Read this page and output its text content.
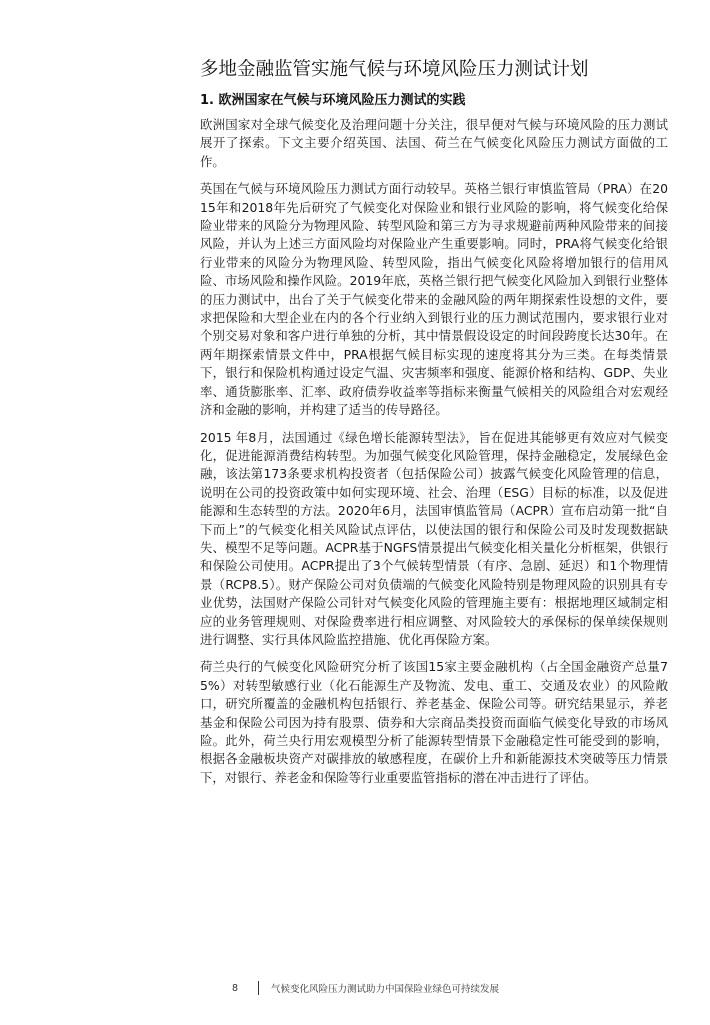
多地金融监管实施气候与环境风险压力测试计划
1. 欧洲国家在气候与环境风险压力测试的实践

欧洲国家对全球气候变化及治理问题十分关注，很早便对气候与环境风险的压力测试展开了探索。下文主要介绍英国、法国、荷兰在气候变化风险压力测试方面做的工作。

英国在气候与环境风险压力测试方面行动较早。英格兰银行审慎监管局（PRA）在2015年和2018年先后研究了气候变化对保险业和银行业风险的影响，将气候变化给保险业带来的风险分为物理风险、转型风险和第三方为寻求规避前两种风险带来的间接风险，并认为上述三方面风险均对保险业产生重要影响。同时，PRA将气候变化给银行业带来的风险分为物理风险、转型风险，指出气候变化风险将增加银行的信用风险、市场风险和操作风险。2019年底，英格兰银行把气候变化风险加入到银行业整体的压力测试中，出台了关于气候变化带来的金融风险的两年期探索性设想的文件，要求把保险和大型企业在内的各个行业纳入到银行业的压力测试范围内，要求银行业对个别交易对象和客户进行单独的分析，其中情景假设设定的时间段跨度长达30年。在两年期探索情景文件中，PRA根据气候目标实现的速度将其分为三类。在每类情景下，银行和保险机构通过设定气温、灾害频率和强度、能源价格和结构、GDP、失业率、通货膨胀率、汇率、政府债券收益率等指标来衡量气候相关的风险组合对宏观经济和金融的影响，并构建了适当的传导路径。

2015 年8月，法国通过《绿色增长能源转型法》，旨在促进其能够更有效应对气候变化，促进能源消费结构转型。为加强气候变化风险管理，保持金融稳定，发展绿色金融，该法第173条要求机构投资者（包括保险公司）披露气候变化风险管理的信息，说明在公司的投资政策中如何实现环境、社会、治理（ESG）目标的标准，以及促进能源和生态转型的方法。2020年6月，法国审慎监管局（ACPR）宣布启动第一批“自下而上”的气候变化相关风险试点评估，以使法国的银行和保险公司及时发现数据缺失、模型不足等问题。ACPR基于NGFS情景提出气候变化相关量化分析框架，供银行和保险公司使用。ACPR提出了3个气候转型情景（有序、急剧、延迟）和1个物理情景（RCP8.5）。财产保险公司对负债端的气候变化风险特别是物理风险的识别具有专业优势，法国财产保险公司针对气候变化风险的管理施主要有：根据地理区域制定相应的业务管理规则、对保险费率进行相应调整、对风险较大的承保标的保单续保规则进行调整、实行具体风险监控措施、优化再保险方案。

荷兰央行的气候变化风险研究分析了该国15家主要金融机构（占全国金融资产总量75%）对转型敏感行业（化石能源生产及物流、发电、重工、交通及农业）的风险敞口，研究所覆盖的金融机构包括银行、养老基金、保险公司等。研究结果显示，养老基金和保险公司因为持有股票、债券和大宗商品类投资而面临气候变化导致的市场风险。此外，荷兰央行用宏观模型分析了能源转型情景下金融稳定性可能受到的影响，根据各金融板块资产对碳排放的敏感程度，在碳价上升和新能源技术突破等压力情景下，对银行、养老金和保险等行业重要监管指标的潜在冲击进行了评估。

8	气候变化风险压力测试助力中国保险业绿色可持续发展
